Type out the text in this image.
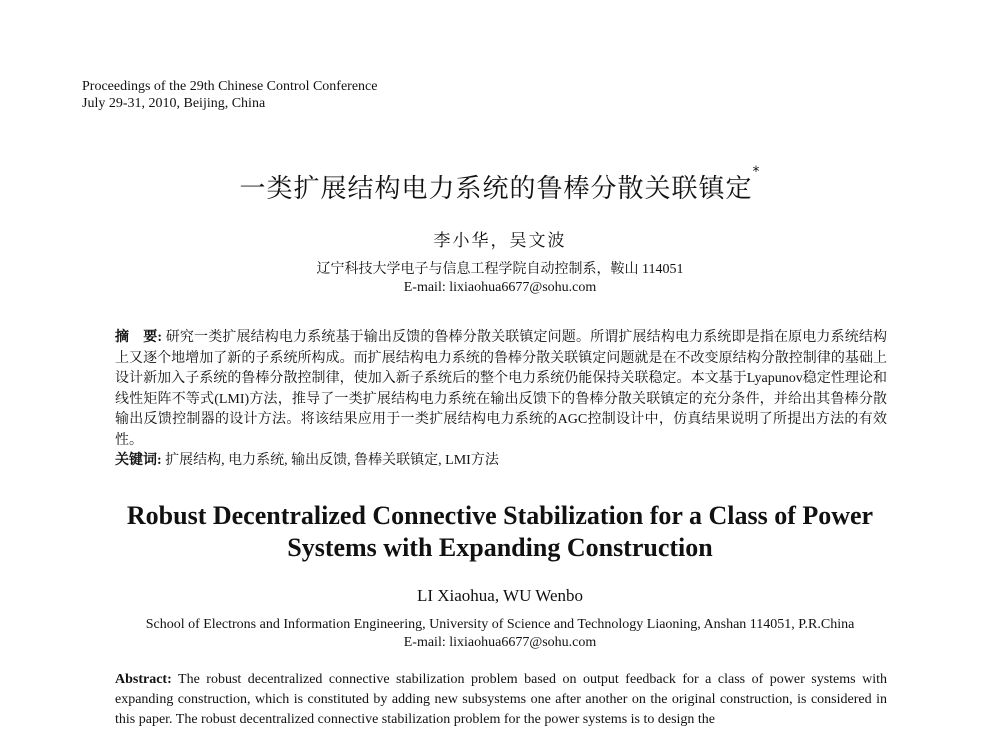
Proceedings of the 29th Chinese Control Conference
July 29-31, 2010, Beijing, China
一类扩展结构电力系统的鲁棒分散关联镇定*
李小华，吴文波
辽宁科技大学电子与信息工程学院自动控制系，鞍山 114051
E-mail: lixiaohua6677@sohu.com
摘　要: 研究一类扩展结构电力系统基于输出反馈的鲁棒分散关联镇定问题。所谓扩展结构电力系统即是指在原电力系统结构上又逐个地增加了新的子系统所构成。而扩展结构电力系统的鲁棒分散关联镇定问题就是在不改变原结构分散控制律的基础上设计新加入子系统的鲁棒分散控制律，使加入新子系统后的整个电力系统仍能保持关联稳定。本文基于Lyapunov稳定性理论和线性矩阵不等式(LMI)方法，推导了一类扩展结构电力系统在输出反馈下的鲁棒分散关联镇定的充分条件，并给出其鲁棒分散输出反馈控制器的设计方法。将该结果应用于一类扩展结构电力系统的AGC控制设计中，仿真结果说明了所提出方法的有效性。
关键词: 扩展结构, 电力系统, 输出反馈, 鲁棒关联镇定, LMI方法
Robust Decentralized Connective Stabilization for a Class of Power
Systems with Expanding Construction
LI Xiaohua, WU Wenbo
School of Electrons and Information Engineering, University of Science and Technology Liaoning, Anshan 114051, P.R.China
E-mail: lixiaohua6677@sohu.com
Abstract: The robust decentralized connective stabilization problem based on output feedback for a class of power systems with expanding construction, which is constituted by adding new subsystems one after another on the original construction, is considered in this paper. The robust decentralized connective stabilization problem for the power systems is to design the
